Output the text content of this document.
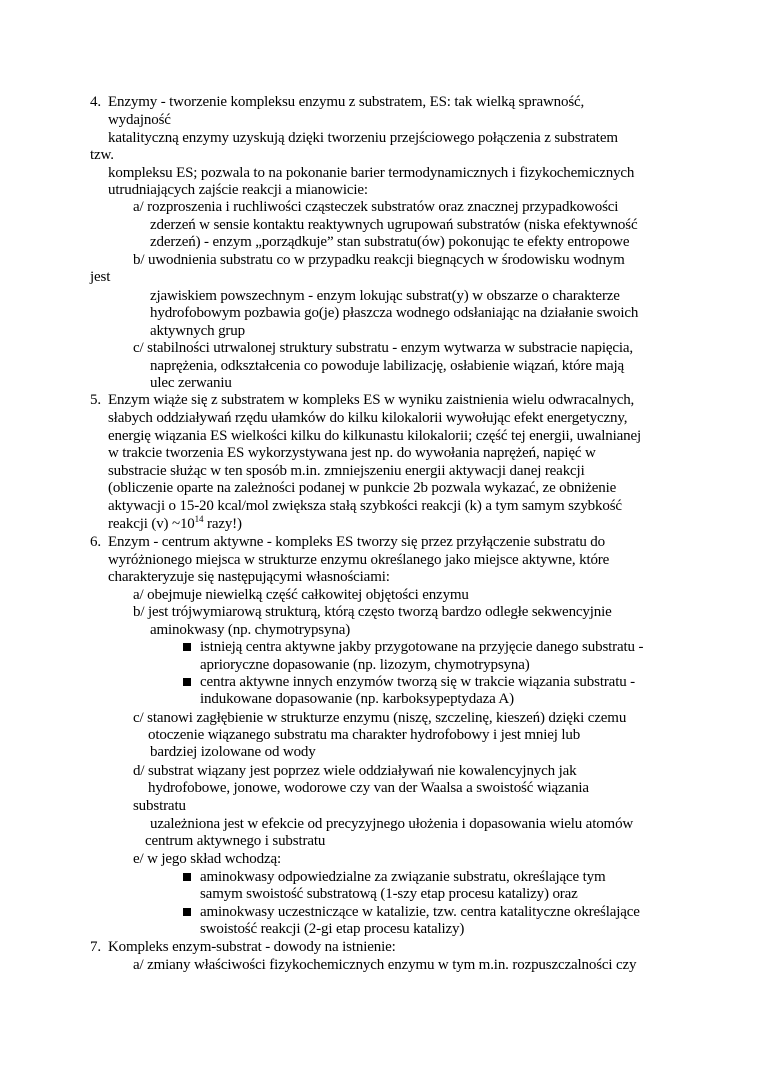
4. Enzymy - tworzenie kompleksu enzymu z substratem, ES: tak wielką sprawność,
wydajność
katalityczną enzymy uzyskują dzięki tworzeniu przejściowego połączenia z substratem
tzw.
kompleksu ES; pozwala to na pokonanie barier termodynamicznych i fizykochemicznych
utrudniających zajście reakcji a mianowicie:
a/ rozproszenia i ruchliwości cząsteczek substratów oraz znacznej przypadkowości
zderzeń w sensie kontaktu reaktywnych ugrupowań substratów (niska efektywność
zderzeń) - enzym „porządkuje” stan substratu(ów) pokonując te efekty entropowe
b/ uwodnienia substratu co w przypadku reakcji biegnących w środowisku wodnym
jest
zjawiskiem powszechnym - enzym lokując substrat(y) w obszarze o charakterze
hydrofobowym pozbawia go(je) płaszcza wodnego odsłaniając na działanie swoich
aktywnych grup
c/ stabilności utrwalonej struktury substratu - enzym wytwarza w substracie napięcia,
naprężenia, odkształcenia co powoduje labilizację, osłabienie wiązań, które mają
ulec zerwaniu
5. Enzym wiąże się z substratem w kompleks ES w wyniku zaistnienia wielu odwracalnych,
słabych oddziaływań rzędu ułamków do kilku kilokalorii wywołując efekt energetyczny,
energię wiązania ES wielkości kilku do kilkunastu kilokalorii; część tej energii, uwalnianej
w trakcie tworzenia ES wykorzystywana jest np. do wywołania naprężeń, napięć w
substracie służąc w ten sposób m.in. zmniejszeniu energii aktywacji danej reakcji
(obliczenie oparte na zależności podanej w punkcie 2b pozwala wykazać, ze obniżenie
aktywacji o 15-20 kcal/mol zwiększa stałą szybkości reakcji (k) a tym samym szybkość
reakcji (v) $\sim 10^{14}$ razy!)
6. Enzym - centrum aktywne - kompleks ES tworzy się przez przyłączenie substratu do
wyróżnionego miejsca w strukturze enzymu określanego jako miejsce aktywne, które
charakteryzuje się następującymi własnościami:
a/ obejmuje niewielką część całkowitej objętości enzymu
b/ jest trójwymiarową strukturą, którą często tworzą bardzo odległe sekwencyjnie
aminokwasy (np. chymotrypsyna)
istnieją centra aktywne jakby przygotowane na przyjęcie danego substratu -
aprioryczne dopasowanie (np. lizozym, chymotrypsyna)
centra aktywne innych enzymów tworzą się w trakcie wiązania substratu -
indukowane dopasowanie (np. karboksypeptydaza A)
c/ stanowi zagłębienie w strukturze enzymu (niszę, szczelinę, kieszeń) dzięki czemu
otoczenie wiązanego substratu ma charakter hydrofobowy i jest mniej lub
bardziej izolowane od wody
d/ substrat wiązany jest poprzez wiele oddziaływań nie kowalencyjnych jak
hydrofobowe, jonowe, wodorowe czy van der Waalsa a swoistość wiązania
substratu
uzależniona jest w efekcie od precyzyjnego ułożenia i dopasowania wielu atomów
centrum aktywnego i substratu
e/ w jego skład wchodzą:
aminokwasy odpowiedzialne za związanie substratu, określające tym
samym swoistość substratową (1-szy etap procesu katalizy) oraz
aminokwasy uczestniczące w katalizie, tzw. centra katalityczne określające
swoistość reakcji (2-gi etap procesu katalizy)
7. Kompleks enzym-substrat - dowody na istnienie:
a/ zmiany właściwości fizykochemicznych enzymu w tym m.in. rozpuszczalności czy
